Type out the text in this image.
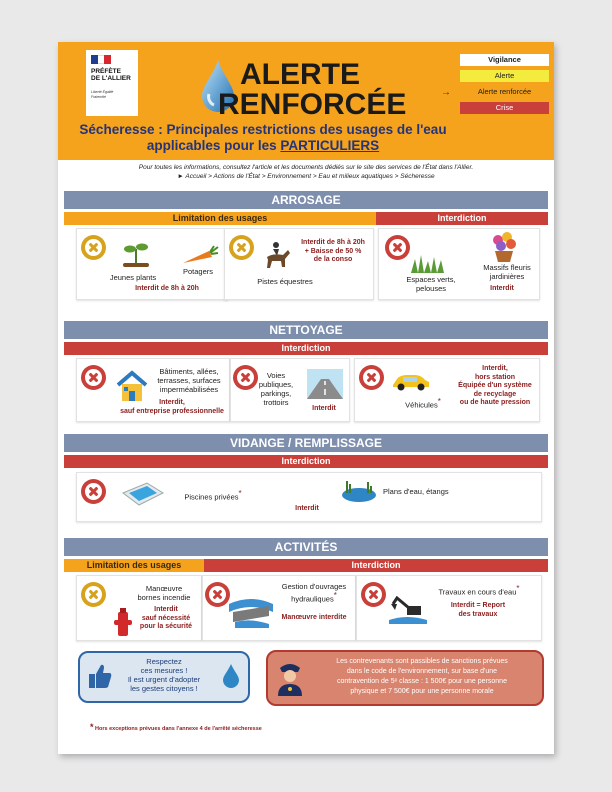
PRÉFÈTE
DE L'ALLIER
Liberté Égalité Fraternité
ALERTE
RENFORCÉE
Sécheresse : Principales restrictions des usages de l'eau
applicables pour les PARTICULIERS
Vigilance
Alerte
Alerte renforcée
Crise
→
Pour toutes les informations, consultez l'article et les documents dédiés sur le site des services de l'État dans l'Allier.
► Accueil > Actions de l'État > Environnement > Eau et milieux aquatiques > Sécheresse
ARROSAGE
Limitation des usages	Interdiction
Jeunes plants
Potagers
Interdit de 8h à 20h
Interdit de 8h à 20h
+ Baisse de 50 %
de la conso
Pistes équestres	Espaces verts,
pelouses
Massifs fleuris
jardinières
Interdit
NETTOYAGE
Interdiction
Bâtiments, allées,
terrasses, surfaces
imperméabilisées
Interdit,
sauf entreprise professionnelle
Voies
publiques,
parkings,
trottoirs
Interdit	Véhicules*
Interdit,
hors station
Équipée d'un système
de recyclage
ou de haute pression
VIDANGE / REMPLISSAGE
Interdiction
Piscines privées*
Interdit
Plans d'eau, étangs
ACTIVITÉS
Limitation des usages	Interdiction
Manœuvre
bornes incendie
Interdit
sauf nécessité
pour la sécurité
Gestion d'ouvrages
hydrauliques*
Manœuvre interdite
Travaux en cours d'eau*
Interdit = Report
des travaux
Respectez
ces mesures !
Il est urgent d'adopter
les gestes citoyens !
Les contrevenants sont passibles de sanctions prévues
dans le code de l'environnement, sur base d'une
contravention de 5ᵉ classe : 1 500€ pour une personne
physique et 7 500€ pour une personne morale
* Hors exceptions prévues dans l'annexe 4 de l'arrêté sécheresse
